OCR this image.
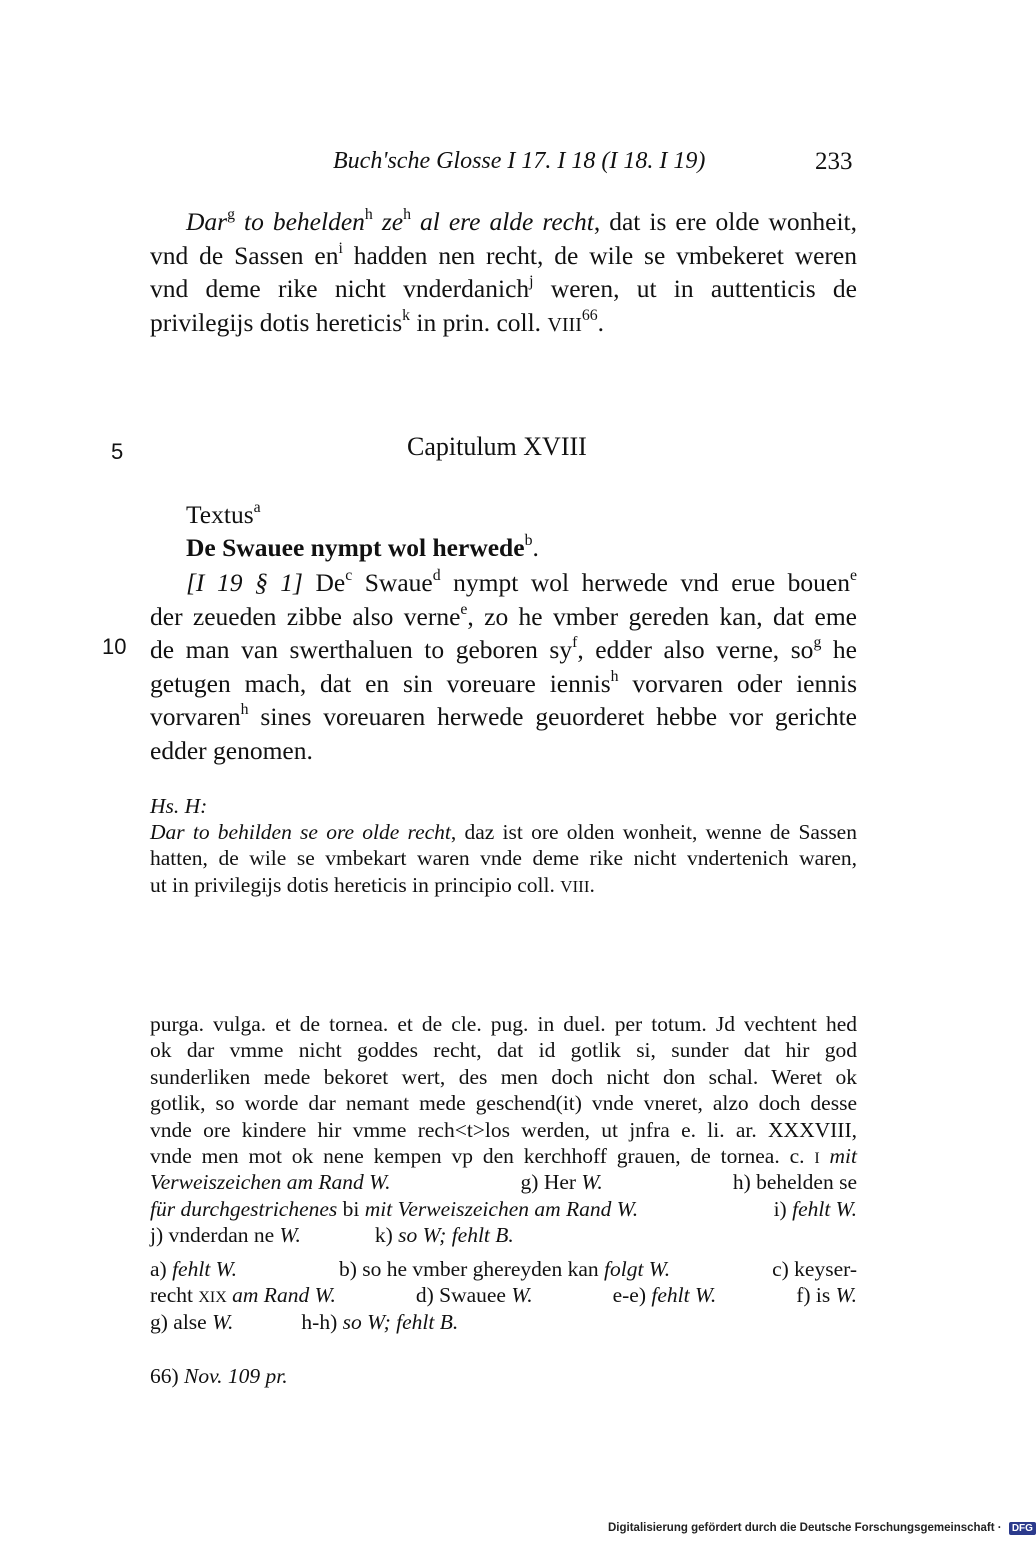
Buch'sche Glosse I 17. I 18 (I 18. I 19)	233
Dar$^g$ to behelden$^h$ $ze^h$ al ere alde recht, dat is ere olde wonheit,
vnd de Sassen $en^i$ hadden nen recht, de wile se vmbekeret weren
vnd deme rike nicht vnderdanich$^j$ weren, ut in auttenticis de
privilegijs dotis hereticis$^k$ in prin. coll. VIII$^{66}$.
5
10
Capitulum XVIII
Textus$^a$
De Swauee nympt wol herwede$^b$.
[I 19 § 1] De$^c$ Swaue$^d$ nympt wol herwede vnd erue bouen$^e$
der zeueden zibbe also verne$^e$, zo he vmber gereden kan, dat eme
de man van swerthaluen to geboren $sy^f$, edder also verne, $so^g$ he
getugen mach, dat en sin voreuare iennis$^h$ vorvaren oder iennis
vorvaren$^h$ sines voreuaren herwede geuorderet hebbe vor gerichte
edder genomen.
Hs. H:
Dar to behilden se ore olde recht, daz ist ore olden wonheit, wenne de Sassen
hatten, de wile se vmbekart waren vnde deme rike nicht vndertenich waren,
ut in privilegijs dotis hereticis in principio coll. VIII.
purga. vulga. et de tornea. et de cle. pug. in duel. per totum. Jd vechtent hed
ok dar vmme nicht goddes recht, dat id gotlik si, sunder dat hir god
sunderliken mede bekoret wert, des men doch nicht don schal. Weret ok
gotlik, so worde dar nemant mede geschend(it) vnde vneret, alzo doch desse
vnde ore kindere hir vmme rech<t>los werden, ut jnfra e. li. ar. XXXVIII,
vnde men mot ok nene kempen vp den kerchhoff grauen, de tornea. c. I mit
Verweiszeichen am Rand W.	g) Her W.	h) behelden se
für durchgestrichenes bi mit Verweiszeichen am Rand W.	i) fehlt W.
j) vnderdan ne W.	k) so W; fehlt B.
a) fehlt W.	b) so he vmber ghereyden kan folgt W.	c) keyser-
recht XIX am Rand W.	d) Swauee W.	e-e) fehlt W.	f) is W.
g) alse W.	h-h) so W; fehlt B.
66) Nov. 109 pr.
Digitalisierung gefördert durch die Deutsche Forschungsgemeinschaft · DFG
